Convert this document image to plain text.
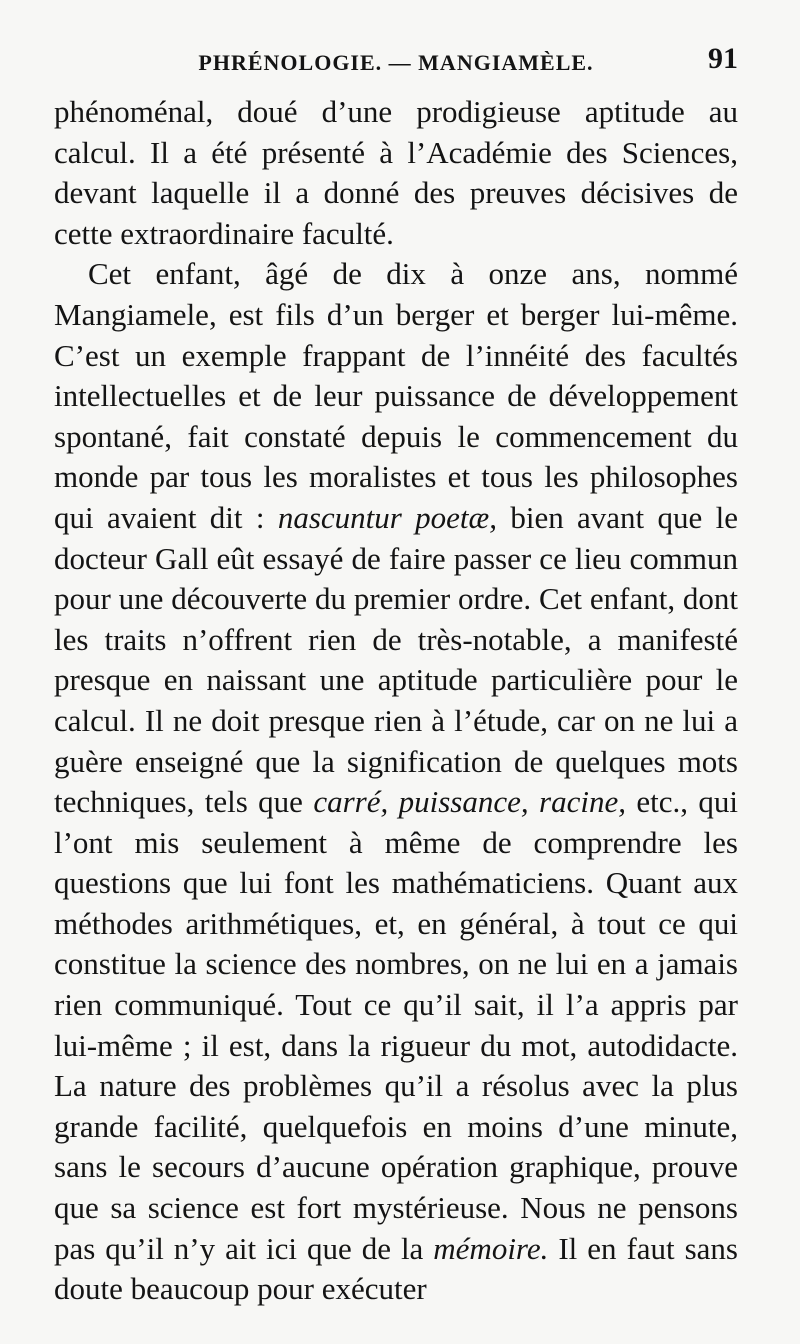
PHRÉNOLOGIE. — MANGIAMÈLE.	91

phénoménal, doué d’une prodigieuse aptitude au calcul. Il a été présenté à l’Académie des Sciences, devant laquelle il a donné des preuves décisives de cette extraordinaire faculté.

Cet enfant, âgé de dix à onze ans, nommé Mangiamele, est fils d’un berger et berger lui-même. C’est un exemple frappant de l’innéité des facultés intellectuelles et de leur puissance de développement spontané, fait constaté depuis le commencement du monde par tous les moralistes et tous les philosophes qui avaient dit : nascuntur poetæ, bien avant que le docteur Gall eût essayé de faire passer ce lieu commun pour une découverte du premier ordre. Cet enfant, dont les traits n’offrent rien de très-notable, a manifesté presque en naissant une aptitude particulière pour le calcul. Il ne doit presque rien à l’étude, car on ne lui a guère enseigné que la signification de quelques mots techniques, tels que carré, puissance, racine, etc., qui l’ont mis seulement à même de comprendre les questions que lui font les mathématiciens. Quant aux méthodes arithmétiques, et, en général, à tout ce qui constitue la science des nombres, on ne lui en a jamais rien communiqué. Tout ce qu’il sait, il l’a appris par lui-même ; il est, dans la rigueur du mot, autodidacte. La nature des problèmes qu’il a résolus avec la plus grande facilité, quelquefois en moins d’une minute, sans le secours d’aucune opération graphique, prouve que sa science est fort mystérieuse. Nous ne pensons pas qu’il n’y ait ici que de la mémoire. Il en faut sans doute beaucoup pour exécuter
